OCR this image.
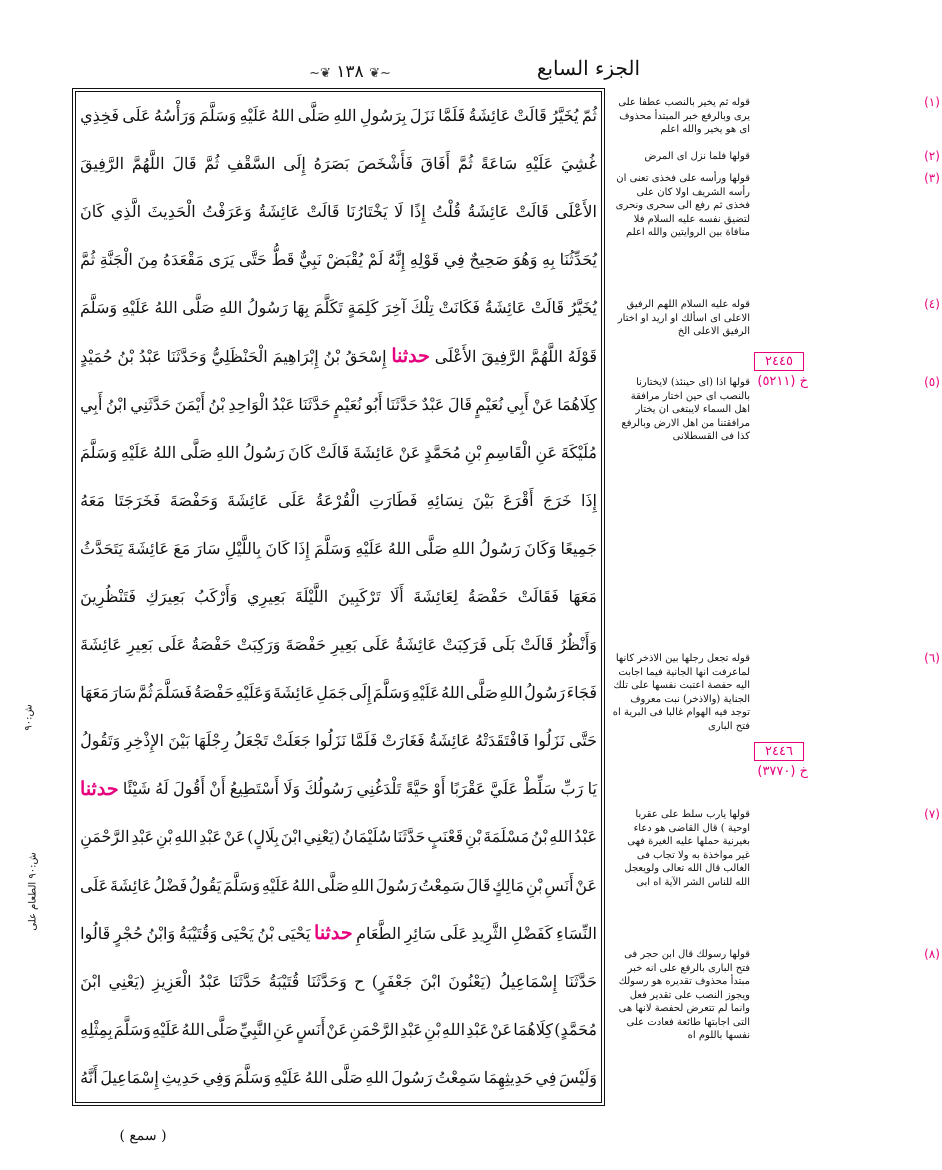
الجزء السابع
~❦ ١٣٨ ❦~
ثُمّ
يُخَيَّرُ
قَالَتْ
عَائِشَةُ
فَلَمَّا
نَزَلَ
بِرَسُولِ
اللهِ
صَلَّى
اللهُ
عَلَيْهِ
وَسَلَّمَ
وَرَأْسُهُ
عَلَى
فَخِذِي
غُشِيَ
عَلَيْهِ
سَاعَةً
ثُمَّ
أَفَاقَ
فَأَشْخَصَ
بَصَرَهُ
إِلَى
السَّقْفِ
ثُمَّ
قَالَ
اللَّهُمَّ
الرَّفِيقَ
الأَعْلَى
قَالَتْ
عَائِشَةُ
قُلْتُ
إِذًا
لَا
يَخْتَارُنَا
قَالَتْ
عَائِشَةُ
وَعَرَفْتُ
الْحَدِيثَ
الَّذِي
كَانَ
يُحَدِّثُنَا
بِهِ
وَهُوَ
صَحِيحٌ
فِي
قَوْلِهِ
إِنَّهُ
لَمْ
يُقْبَضْ
نَبِيٌّ
قَطُّ
حَتَّى
يَرَى
مَقْعَدَهُ
مِنَ
الْجَنَّةِ
ثُمَّ
يُخَيَّرُ
قَالَتْ
عَائِشَةُ
فَكَانَتْ
تِلْكَ
آخِرَ
كَلِمَةٍ
تَكَلَّمَ
بِهَا
رَسُولُ
اللهِ
صَلَّى
اللهُ
عَلَيْهِ
وَسَلَّمَ
قَوْلَهُ
اللَّهُمَّ
الرَّفِيقَ
الأَعْلَى
حدثنا
إِسْحَقُ
بْنُ
إِبْرَاهِيمَ
الْحَنْظَلِيُّ
وَحَدَّثَنَا
عَبْدُ
بْنُ
حُمَيْدٍ
كِلَاهُمَا
عَنْ
أَبِي
نُعَيْمٍ
قَالَ
عَبْدٌ
حَدَّثَنَا
أَبُو
نُعَيْمٍ
حَدَّثَنَا
عَبْدُ
الْوَاحِدِ
بْنُ
أَيْمَنَ
حَدَّثَنِي
ابْنُ
أَبِي
مُلَيْكَةَ
عَنِ
الْقَاسِمِ
بْنِ
مُحَمَّدٍ
عَنْ
عَائِشَةَ
قَالَتْ
كَانَ
رَسُولُ
اللهِ
صَلَّى
اللهُ
عَلَيْهِ
وَسَلَّمَ
إِذَا
خَرَجَ
أَقْرَعَ
بَيْنَ
نِسَائِهِ
فَطَارَتِ
الْقُرْعَةُ
عَلَى
عَائِشَةَ
وَحَفْصَةَ
فَخَرَجَتَا
مَعَهُ
جَمِيعًا
وَكَانَ
رَسُولُ
اللهِ
صَلَّى
اللهُ
عَلَيْهِ
وَسَلَّمَ
إِذَا
كَانَ
بِاللَّيْلِ
سَارَ
مَعَ
عَائِشَةَ
يَتَحَدَّثُ
مَعَهَا
فَقَالَتْ
حَفْصَةُ
لِعَائِشَةَ
أَلَا
تَرْكَبِينَ
اللَّيْلَةَ
بَعِيرِي
وَأَرْكَبُ
بَعِيرَكِ
فَتَنْظُرِينَ
وَأَنْظُرُ
قَالَتْ
بَلَى
فَرَكِبَتْ
عَائِشَةُ
عَلَى
بَعِيرِ
حَفْصَةَ
وَرَكِبَتْ
حَفْصَةُ
عَلَى
بَعِيرِ
عَائِشَةَ
فَجَاءَ
رَسُولُ
اللهِ
صَلَّى
اللهُ
عَلَيْهِ
وَسَلَّمَ
إِلَى
جَمَلِ
عَائِشَةَ
وَعَلَيْهِ
حَفْصَةُ
فَسَلَّمَ
ثُمَّ
سَارَ
مَعَهَا
حَتَّى
نَزَلُوا
فَافْتَقَدَتْهُ
عَائِشَةُ
فَغَارَتْ
فَلَمَّا
نَزَلُوا
جَعَلَتْ
تَجْعَلُ
رِجْلَهَا
بَيْنَ
الإِذْخِرِ
وَتَقُولُ
يَا
رَبِّ
سَلِّطْ
عَلَيَّ
عَقْرَبًا
أَوْ
حَيَّةً
تَلْدَغُنِي
رَسُولُكَ
وَلَا
أَسْتَطِيعُ
أَنْ
أَقُولَ
لَهُ
شَيْئًا
حدثنا
عَبْدُ
اللهِ
بْنُ
مَسْلَمَةَ
بْنِ
قَعْنَبٍ
حَدَّثَنَا
سُلَيْمَانُ
(يَعْنِي
ابْنَ
بِلَالٍ)
عَنْ
عَبْدِ
اللهِ
بْنِ
عَبْدِ
الرَّحْمَنِ
عَنْ
أَنَسِ
بْنِ
مَالِكٍ
قَالَ
سَمِعْتُ
رَسُولَ
اللهِ
صَلَّى
اللهُ
عَلَيْهِ
وَسَلَّمَ
يَقُولُ
فَضْلُ
عَائِشَةَ
عَلَى
النِّسَاءِ
كَفَضْلِ
الثَّرِيدِ
عَلَى
سَائِرِ
الطَّعَامِ
حدثنا
يَحْيَى
بْنُ
يَحْيَى
وَقُتَيْبَةُ
وَابْنُ
حُجْرٍ
قَالُوا
حَدَّثَنَا
إِسْمَاعِيلُ
(يَعْنُونَ
ابْنَ
جَعْفَرٍ)
ح
وَحَدَّثَنَا
قُتَيْبَةُ
حَدَّثَنَا
عَبْدُ
الْعَزِيزِ
(يَعْنِي
ابْنَ
مُحَمَّدٍ)
كِلَاهُمَا
عَنْ
عَبْدِ
اللهِ
بْنِ
عَبْدِ
الرَّحْمَنِ
عَنْ
أَنَسٍ
عَنِ
النَّبِيِّ
صَلَّى
اللهُ
عَلَيْهِ
وَسَلَّمَ
بِمِثْلِهِ
وَلَيْسَ
فِي
حَدِيثِهِمَا
سَمِعْتُ
رَسُولَ
اللهِ
صَلَّى
اللهُ
عَلَيْهِ
وَسَلَّمَ
وَفِي
حَدِيثِ
إِسْمَاعِيلَ
أَنَّهُ
(١)
قوله ثم يخير بالنصب عطفا على يرى وبالرفع خبر المبتدأ محذوف اى هو يخير والله اعلم
(٢)
قولها فلما نزل اى المرض
(٣)
قولها ورأسه على فخذى تعنى ان رأسه الشريف اولا كان على فخذى ثم رفع الى سحرى ونحرى لتضيق نفسه عليه السلام فلا منافاة بين الروايتين والله اعلم
(٤)
قوله عليه السلام اللهم الرفيق الاعلى اى اسألك او اريد او اختار الرفيق الاعلى الخ
(٥)
قولها اذا (اى حينئذ) لايختارنا بالنصب اى حين اختار مرافقة اهل السماء لايبتغى ان يختار مرافقتنا من اهل الارض وبالرفع كذا فى القسطلانى
(٦)
قوله تجعل رجلها بين الاذخر كانها لماعرفت انها الجانية فيما اجابت اليه حفصة اعتبت نفسها على تلك الجناية (والاذخر) نبت معروف توجد فيه الهوام غالبا فى البرية اه فتح البارى
(٧)
قولها يارب سلط على عقربا اوحية ) قال القاضى هو دعاء بغيرنية حملها عليه الغيرة فهى غير مواخذة به ولا تجاب فى الغالب قال الله تعالى ولويعجل الله للناس الشر الآية اه ابى
(٨)
قولها رسولك قال ابن حجر فى فتح البارى بالرفع على انه خبر مبتدأ محذوف تقديره هو رسولك ويجوز النصب على تقدير فعل وانما لم تتعرض لحفصة لانها هى التى اجابتها طائعة فعادت على نفسها باللوم اه
٢٤٤٥
خ (٥٢١١)
٢٤٤٦
خ (٣٧٧٠)
ش:٩٠
ش:٩٠ الطعام على
( سمع )
